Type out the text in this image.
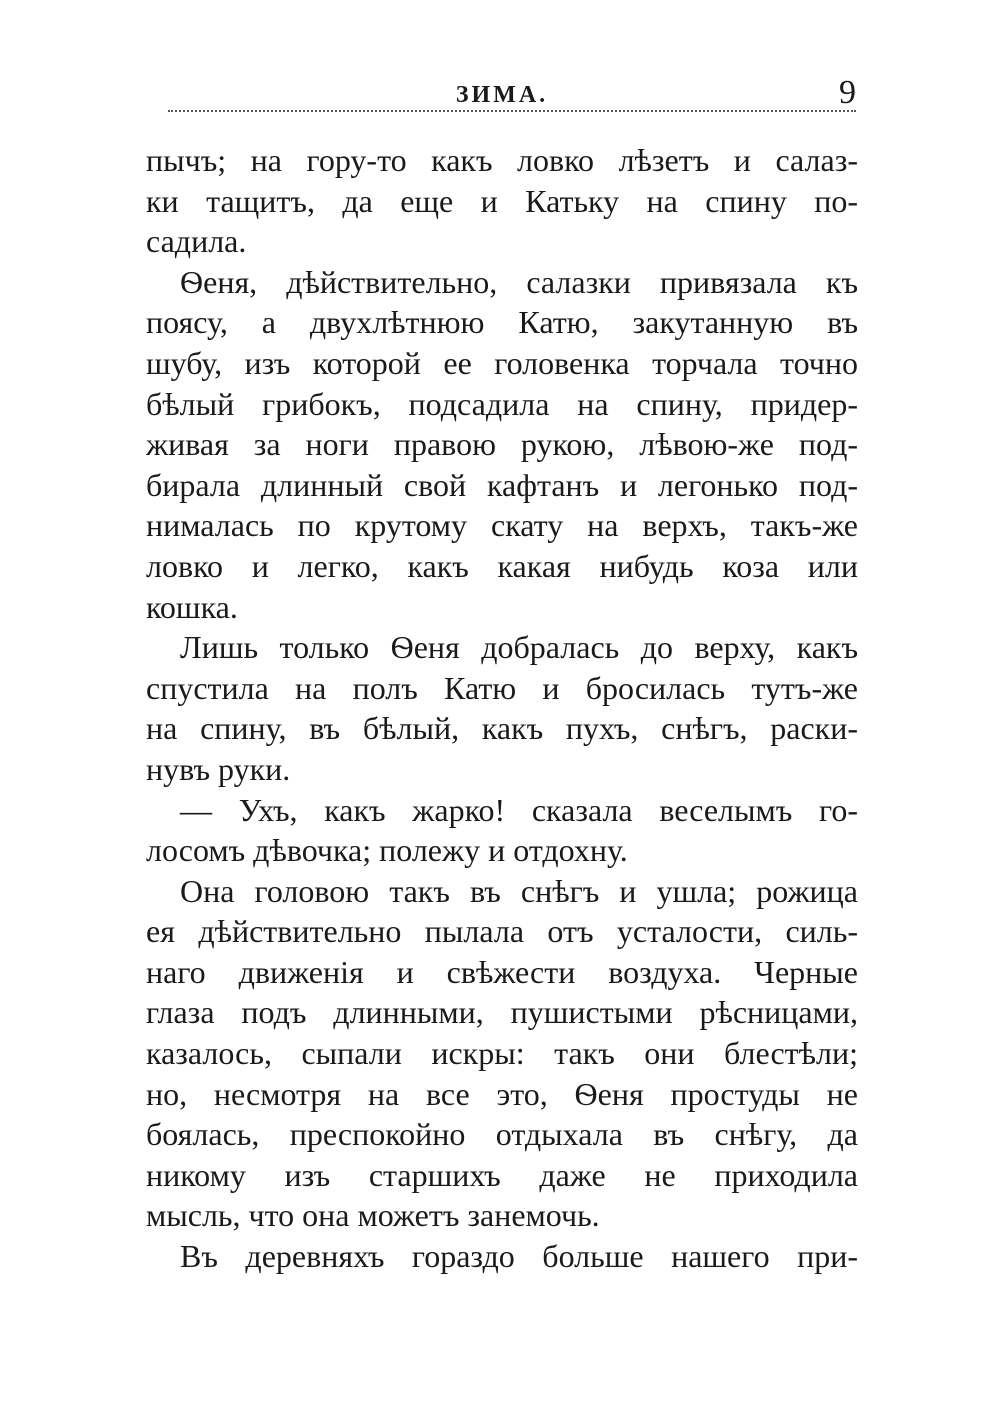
ЗИМА.	9
пычъ; на гору-то какъ ловко лѣзетъ и салаз-
ки тащитъ, да еще и Катьку на спину по-
садила.
Ѳеня, дѣйствительно, салазки привязала къ
поясу, а двухлѣтнюю Катю, закутанную въ
шубу, изъ которой ее головенка торчала точно
бѣлый грибокъ, подсадила на спину, придер-
живая за ноги правою рукою, лѣвою-же под-
бирала длинный свой кафтанъ и легонько под-
нималась по крутому скату на верхъ, такъ-же
ловко и легко, какъ какая нибудь коза или
кошка.
Лишь только Ѳеня добралась до верху, какъ
спустила на полъ Катю и бросилась тутъ-же
на спину, въ бѣлый, какъ пухъ, снѣгъ, раски-
нувъ руки.
— Ухъ, какъ жарко! сказала веселымъ го-
лосомъ дѣвочка; полежу и отдохну.
Она головою такъ въ снѣгъ и ушла; рожица
ея дѣйствительно пылала отъ усталости, силь-
наго движенія и свѣжести воздуха. Черные
глаза подъ длинными, пушистыми рѣсницами,
казалось, сыпали искры: такъ они блестѣли;
но, несмотря на все это, Ѳеня простуды не
боялась, преспокойно отдыхала въ снѣгу, да
никому изъ старшихъ даже не приходила
мысль, что она можетъ занемочь.
Въ деревняхъ гораздо больше нашего при-
